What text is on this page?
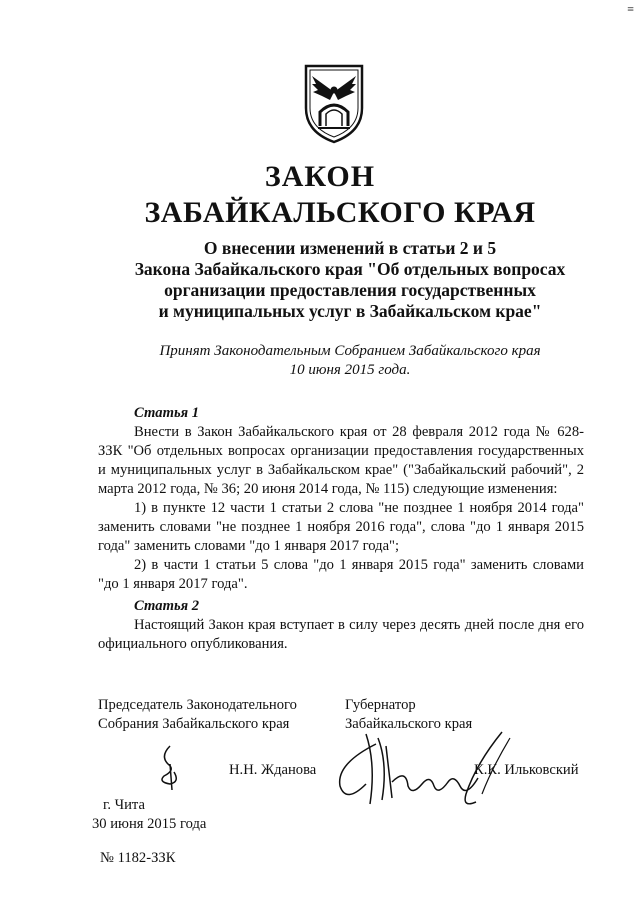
≡
ЗАКОН
ЗАБАЙКАЛЬСКОГО КРАЯ
О внесении изменений в статьи 2 и 5
Закона Забайкальского края "Об отдельных вопросах
организации предоставления государственных
и муниципальных услуг в Забайкальском крае"
Принят Законодательным Собранием Забайкальского края
10 июня 2015 года.

Статья 1

Внести в Закон Забайкальского края от 28 февраля 2012 года № 628-ЗЗК "Об отдельных вопросах организации предоставления государственных и муниципальных услуг в Забайкальском крае" ("Забайкальский рабочий", 2 марта 2012 года, № 36; 20 июня 2014 года, № 115) следующие изменения:

1) в пункте 12 части 1 статьи 2 слова "не позднее 1 ноября 2014 года" заменить словами "не позднее 1 ноября 2016 года", слова "до 1 января 2015 года" заменить словами "до 1 января 2017 года";

2) в части 1 статьи 5 слова "до 1 января 2015 года" заменить словами "до 1 января 2017 года".

Статья 2

Настоящий Закон края вступает в силу через десять дней после дня его официального опубликования.

Председатель Законодательного
Собрания Забайкальского края
Губернатор
Забайкальского края
Н.Н. Жданова	К.К. Ильковский
г. Чита
30 июня 2015 года
№ 1182-ЗЗК
